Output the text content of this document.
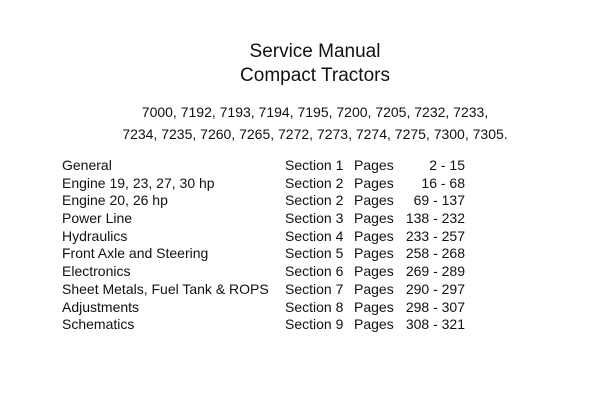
Service Manual
Compact Tractors
7000, 7192, 7193, 7194, 7195, 7200, 7205, 7232, 7233,
7234, 7235, 7260, 7265, 7272, 7273, 7274, 7275, 7300, 7305.
General	Section 1 Pages	2 - 15
Engine 19, 23, 27, 30 hp	Section 2 Pages	16 - 68
Engine 20, 26 hp	Section 2 Pages	69 - 137
Power Line	Section 3 Pages 138 - 232
Hydraulics	Section 4 Pages 233 - 257
Front Axle and Steering	Section 5 Pages 258 - 268
Electronics	Section 6 Pages 269 - 289
Sheet Metals, Fuel Tank & ROPS Section 7 Pages 290 - 297
Adjustments	Section 8 Pages 298 - 307
Schematics	Section 9 Pages 308 - 321
